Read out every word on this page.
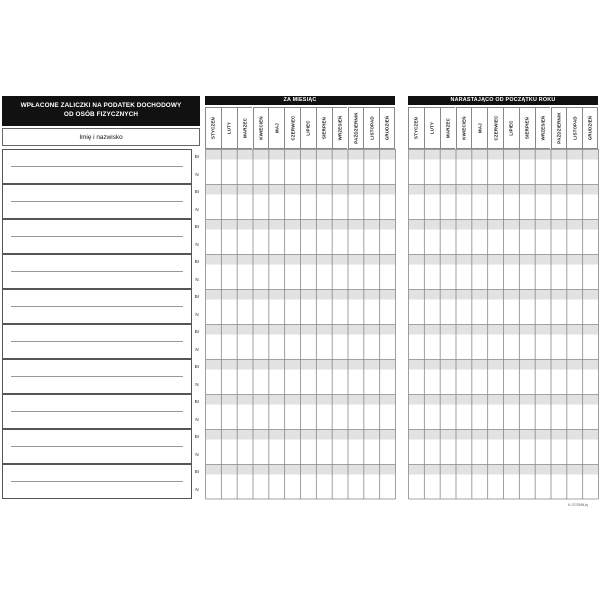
WPŁACONE ZALICZKI NA PODATEK DOCHODOWY
OD OSÓB FIZYCZNYCH
Imię i nazwisko
Br
N
Br
N
Br
N
Br
N
Br
N
Br
N
Br
N
Br
N
Br
N
Br
N
ZA MIESIĄC	NARASTAJĄCO OD POCZĄTKU ROKU
STYCZEŃ LUTY MARZEC KWIECIEŃ MAJ CZERWIEC LIPIEC SIERPIEŃ WRZESIEŃ PAŹDZIERNIK LISTOPAD GRUDZIEŃ	STYCZEŃ LUTY MARZEC KWIECIEŃ MAJ CZERWIEC LIPIEC SIERPIEŃ WRZESIEŃ PAŹDZIERNIK LISTOPAD GRUDZIEŃ
K-07/ZMN-bj
